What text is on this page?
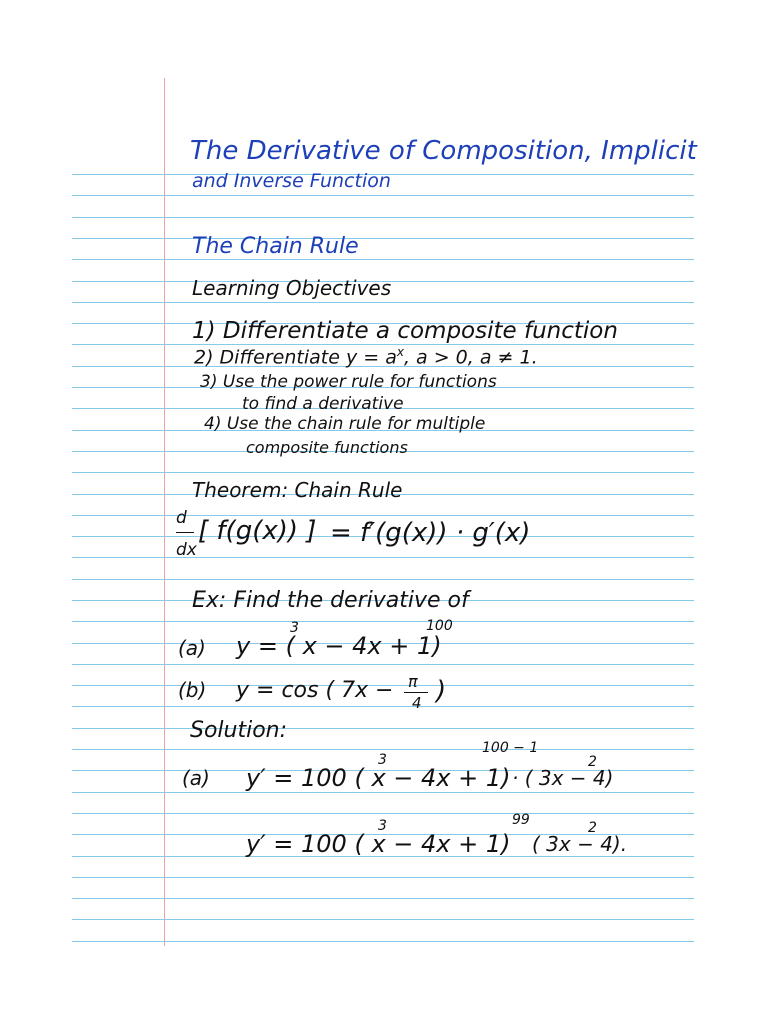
The Derivative of Composition, Implicit
and Inverse Function
The Chain Rule
Learning Objectives
1) Differentiate a composite function
2) Differentiate $y = a^x$, a > 0, a ≠ 1.
3) Use the power rule for functions
to find a derivative
4) Use the chain rule for multiple
composite functions
Theorem: Chain Rule
d
dx
[ f(g(x)) ] = f′(g(x)) · g′(x)
Ex: Find the derivative of
(a) y = ( x − 4x + 1)
3	100
(b) y = cos ( 7x − π
4 )
Solution:
(a) y′ = 100 ( x − 4x + 1)
3
100 − 1
· ( 3x − 4)
2
y′ = 100 ( x − 4x + 1)
3	99
( 3x − 4).
2
